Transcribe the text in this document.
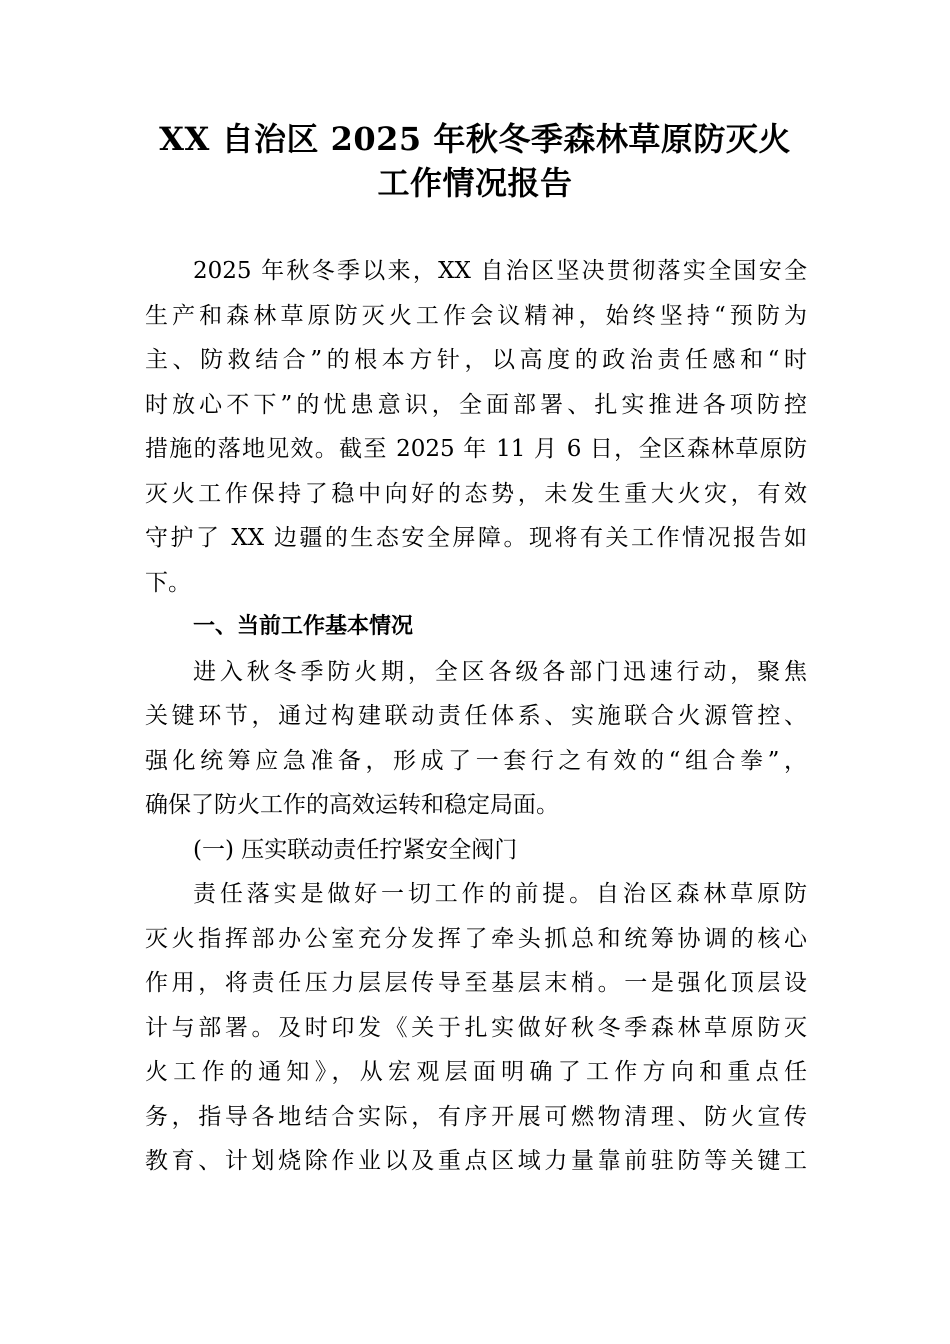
XX 自治区 2025 年秋冬季森林草原防灭火
工作情况报告
2025 年秋冬季以来，XX 自治区坚决贯彻落实全国安全
生产和森林草原防灭火工作会议精神，始终坚持“预防为
主、防救结合”的根本方针，以高度的政治责任感和“时
时放心不下”的忧患意识，全面部署、扎实推进各项防控
措施的落地见效。截至 2025 年 11 月 6 日，全区森林草原防
灭火工作保持了稳中向好的态势，未发生重大火灾，有效
守护了 XX 边疆的生态安全屏障。现将有关工作情况报告如
下。
一、当前工作基本情况
进入秋冬季防火期，全区各级各部门迅速行动，聚焦
关键环节，通过构建联动责任体系、实施联合火源管控、
强化统筹应急准备，形成了一套行之有效的“组合拳”，
确保了防火工作的高效运转和稳定局面。
(一) 压实联动责任拧紧安全阀门
责任落实是做好一切工作的前提。自治区森林草原防
灭火指挥部办公室充分发挥了牵头抓总和统筹协调的核心
作用，将责任压力层层传导至基层末梢。一是强化顶层设
计与部署。及时印发《关于扎实做好秋冬季森林草原防灭
火工作的通知》，从宏观层面明确了工作方向和重点任
务，指导各地结合实际，有序开展可燃物清理、防火宣传
教育、计划烧除作业以及重点区域力量靠前驻防等关键工
